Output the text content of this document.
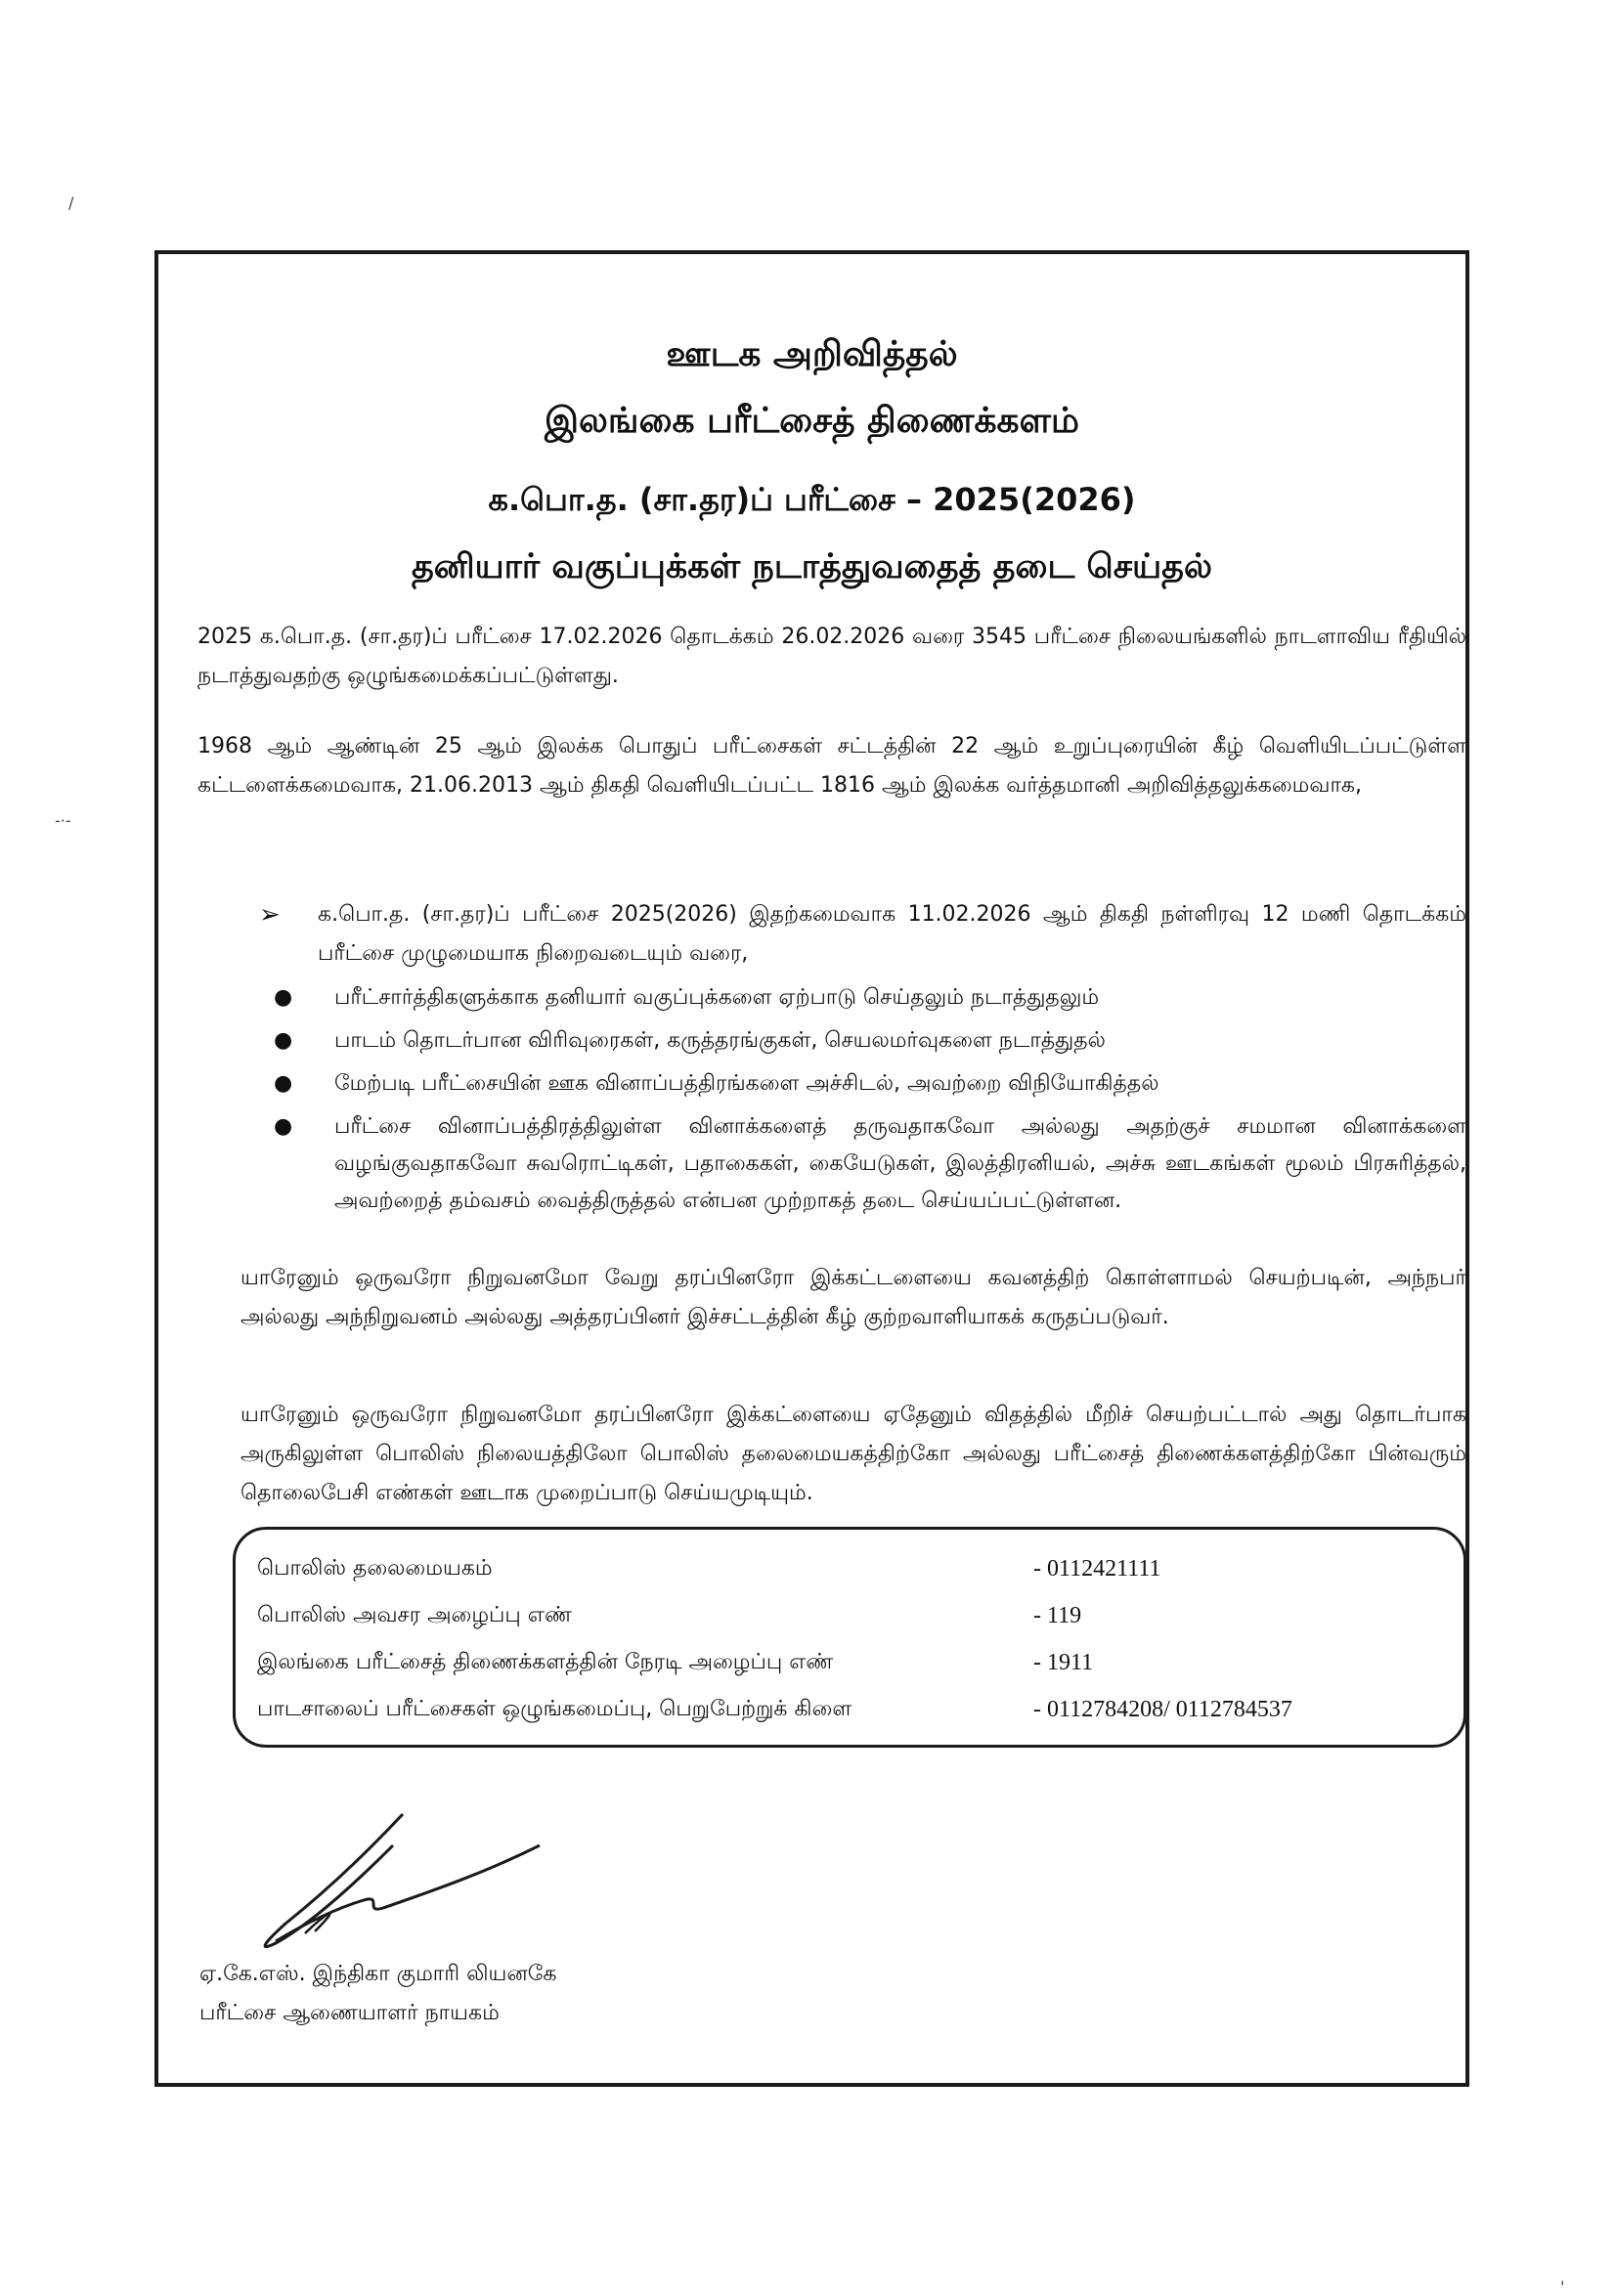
/
ஊடக அறிவித்தல்
இலங்கை பரீட்சைத் திணைக்களம்
க.பொ.த. (சா.தர)ப் பரீட்சை – 2025(2026)
தனியார் வகுப்புக்கள் நடாத்துவதைத் தடை செய்தல்
2025 க.பொ.த. (சா.தர)ப் பரீட்சை 17.02.2026 தொடக்கம் 26.02.2026 வரை 3545 பரீட்சை நிலையங்களில் நாடளாவிய ரீதியில் நடாத்துவதற்கு ஒழுங்கமைக்கப்பட்டுள்ளது.
1968 ஆம் ஆண்டின் 25 ஆம் இலக்க பொதுப் பரீட்சைகள் சட்டத்தின் 22 ஆம் உறுப்புரையின் கீழ் வெளியிடப்பட்டுள்ள கட்டளைக்கமைவாக, 21.06.2013 ஆம் திகதி வெளியிடப்பட்ட 1816 ஆம் இலக்க வர்த்தமானி அறிவித்தலுக்கமைவாக,
➢ க.பொ.த. (சா.தர)ப் பரீட்சை 2025(2026) இதற்கமைவாக 11.02.2026 ஆம் திகதி நள்ளிரவு 12 மணி தொடக்கம் பரீட்சை முழுமையாக நிறைவடையும் வரை,
● பரீட்சார்த்திகளுக்காக தனியார் வகுப்புக்களை ஏற்பாடு செய்தலும் நடாத்துதலும்
● பாடம் தொடர்பான விரிவுரைகள், கருத்தரங்குகள், செயலமர்வுகளை நடாத்துதல்
● மேற்படி பரீட்சையின் ஊக வினாப்பத்திரங்களை அச்சிடல், அவற்றை விநியோகித்தல்
● பரீட்சை வினாப்பத்திரத்திலுள்ள வினாக்களைத் தருவதாகவோ அல்லது அதற்குச் சமமான வினாக்களை வழங்குவதாகவோ சுவரொட்டிகள், பதாகைகள், கையேடுகள், இலத்திரனியல், அச்சு ஊடகங்கள் மூலம் பிரசுரித்தல், அவற்றைத் தம்வசம் வைத்திருத்தல் என்பன முற்றாகத் தடை செய்யப்பட்டுள்ளன.
யாரேனும் ஒருவரோ நிறுவனமோ வேறு தரப்பினரோ இக்கட்டளையை கவனத்திற் கொள்ளாமல் செயற்படின், அந்நபர் அல்லது அந்நிறுவனம் அல்லது அத்தரப்பினர் இச்சட்டத்தின் கீழ் குற்றவாளியாகக் கருதப்படுவர்.
யாரேனும் ஒருவரோ நிறுவனமோ தரப்பினரோ இக்கட்ளையை ஏதேனும் விதத்தில் மீறிச் செயற்பட்டால் அது தொடர்பாக அருகிலுள்ள பொலிஸ் நிலையத்திலோ பொலிஸ் தலைமையகத்திற்கோ அல்லது பரீட்சைத் திணைக்களத்திற்கோ பின்வரும் தொலைபேசி எண்கள் ஊடாக முறைப்பாடு செய்யமுடியும்.
பொலிஸ் தலைமையகம்	- 0112421111
பொலிஸ் அவசர அழைப்பு எண்	- 119
இலங்கை பரீட்சைத் திணைக்களத்தின் நேரடி அழைப்பு எண்	- 1911
பாடசாலைப் பரீட்சைகள் ஒழுங்கமைப்பு, பெறுபேற்றுக் கிளை	- 0112784208/ 0112784537
ஏ.கே.எஸ். இந்திகா குமாரி லியனகே
பரீட்சை ஆணையாளர் நாயகம்
-·-
'
